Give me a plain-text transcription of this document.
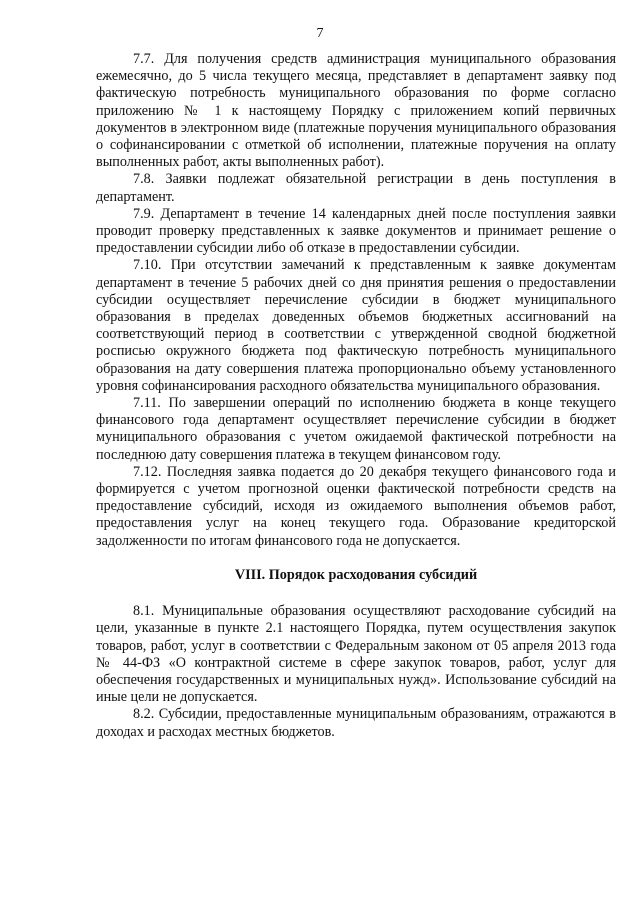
7

7.7. Для получения средств администрация муниципального образования ежемесячно, до 5 числа текущего месяца, представляет в департамент заявку под фактическую потребность муниципального образования по форме согласно приложению № 1 к настоящему Порядку с приложением копий первичных документов в электронном виде (платежные поручения муниципального образования о софинансировании с отметкой об исполнении, платежные поручения на оплату выполненных работ, акты выполненных работ).

7.8. Заявки подлежат обязательной регистрации в день поступления в департамент.

7.9. Департамент в течение 14 календарных дней после поступления заявки проводит проверку представленных к заявке документов и принимает решение о предоставлении субсидии либо об отказе в предоставлении субсидии.

7.10. При отсутствии замечаний к представленным к заявке документам департамент в течение 5 рабочих дней со дня принятия решения о предоставлении субсидии осуществляет перечисление субсидии в бюджет муниципального образования в пределах доведенных объемов бюджетных ассигнований на соответствующий период в соответствии с утвержденной сводной бюджетной росписью окружного бюджета под фактическую потребность муниципального образования на дату совершения платежа пропорционально объему установленного уровня софинансирования расходного обязательства муниципального образования.

7.11. По завершении операций по исполнению бюджета в конце текущего финансового года департамент осуществляет перечисление субсидии в бюджет муниципального образования с учетом ожидаемой фактической потребности на последнюю дату совершения платежа в текущем финансовом году.

7.12. Последняя заявка подается до 20 декабря текущего финансового года и формируется с учетом прогнозной оценки фактической потребности средств на предоставление субсидий, исходя из ожидаемого выполнения объемов работ, предоставления услуг на конец текущего года. Образование кредиторской задолженности по итогам финансового года не допускается.

VIII. Порядок расходования субсидий

8.1. Муниципальные образования осуществляют расходование субсидий на цели, указанные в пункте 2.1 настоящего Порядка, путем осуществления закупок товаров, работ, услуг в соответствии с Федеральным законом от 05 апреля 2013 года № 44-ФЗ «О контрактной системе в сфере закупок товаров, работ, услуг для обеспечения государственных и муниципальных нужд». Использование субсидий на иные цели не допускается.

8.2. Субсидии, предоставленные муниципальным образованиям, отражаются в доходах и расходах местных бюджетов.
